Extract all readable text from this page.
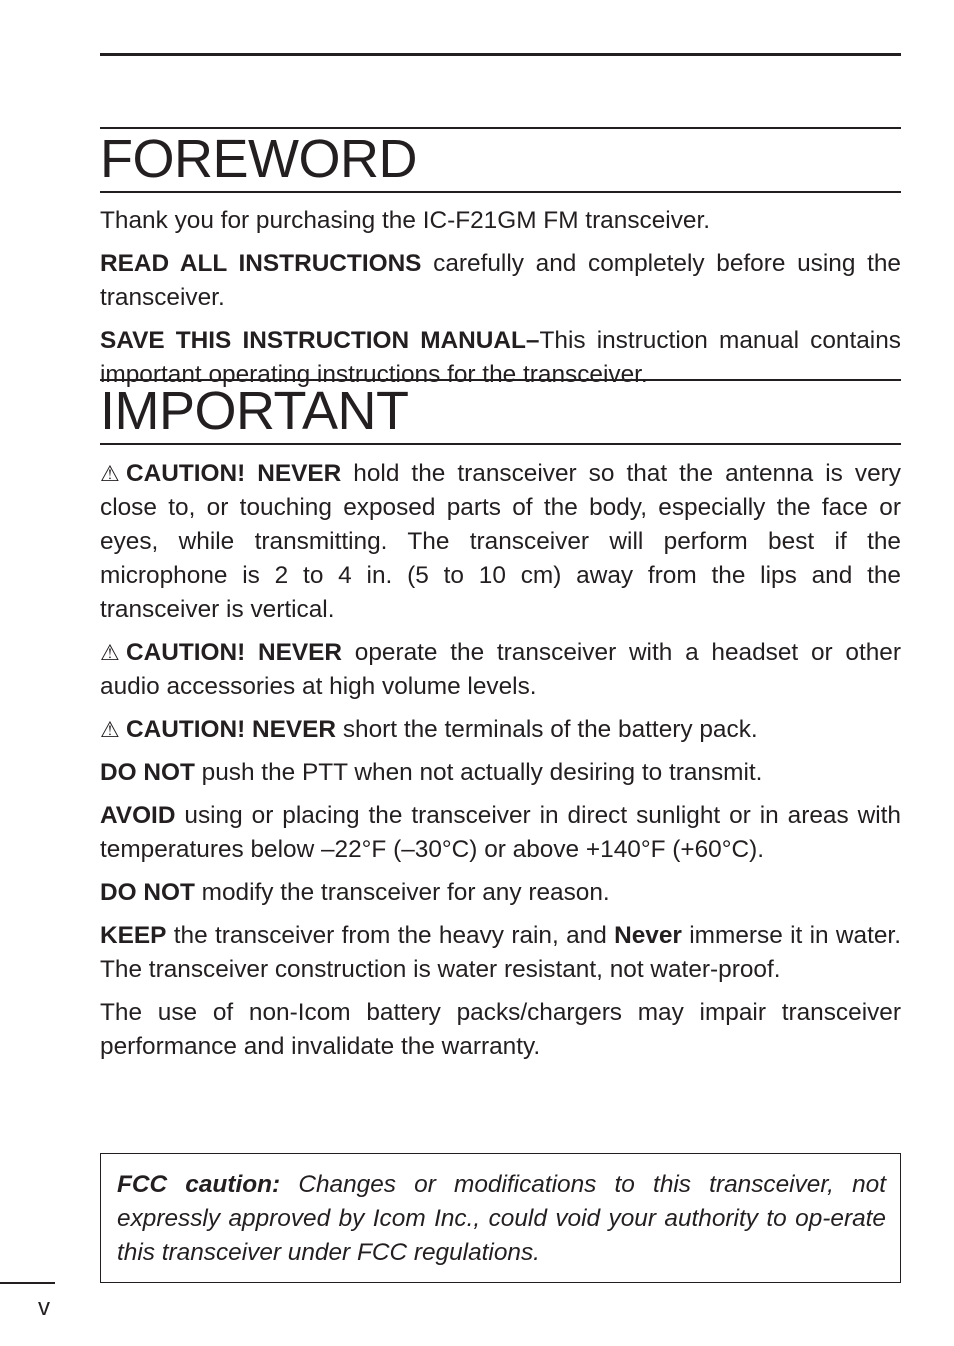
FOREWORD

Thank you for purchasing the IC-F21GM FM transceiver.

READ ALL INSTRUCTIONS carefully and completely before using the transceiver.

SAVE THIS INSTRUCTION MANUAL–This instruction manual contains important operating instructions for the transceiver.

IMPORTANT

⚠ CAUTION! NEVER hold the transceiver so that the antenna is very close to, or touching exposed parts of the body, especially the face or eyes, while transmitting. The transceiver will perform best if the microphone is 2 to 4 in. (5 to 10 cm) away from the lips and the transceiver is vertical.

⚠ CAUTION! NEVER operate the transceiver with a headset or other audio accessories at high volume levels.

⚠ CAUTION! NEVER short the terminals of the battery pack.

DO NOT push the PTT when not actually desiring to transmit.

AVOID using or placing the transceiver in direct sunlight or in areas with temperatures below –22°F (–30°C) or above +140°F (+60°C).

DO NOT modify the transceiver for any reason.

KEEP the transceiver from the heavy rain, and Never immerse it in water. The transceiver construction is water resistant, not water-proof.

The use of non-Icom battery packs/chargers may impair transceiver performance and invalidate the warranty.

FCC caution: Changes or modifications to this transceiver, not expressly approved by Icom Inc., could void your authority to op-erate this transceiver under FCC regulations.
v
